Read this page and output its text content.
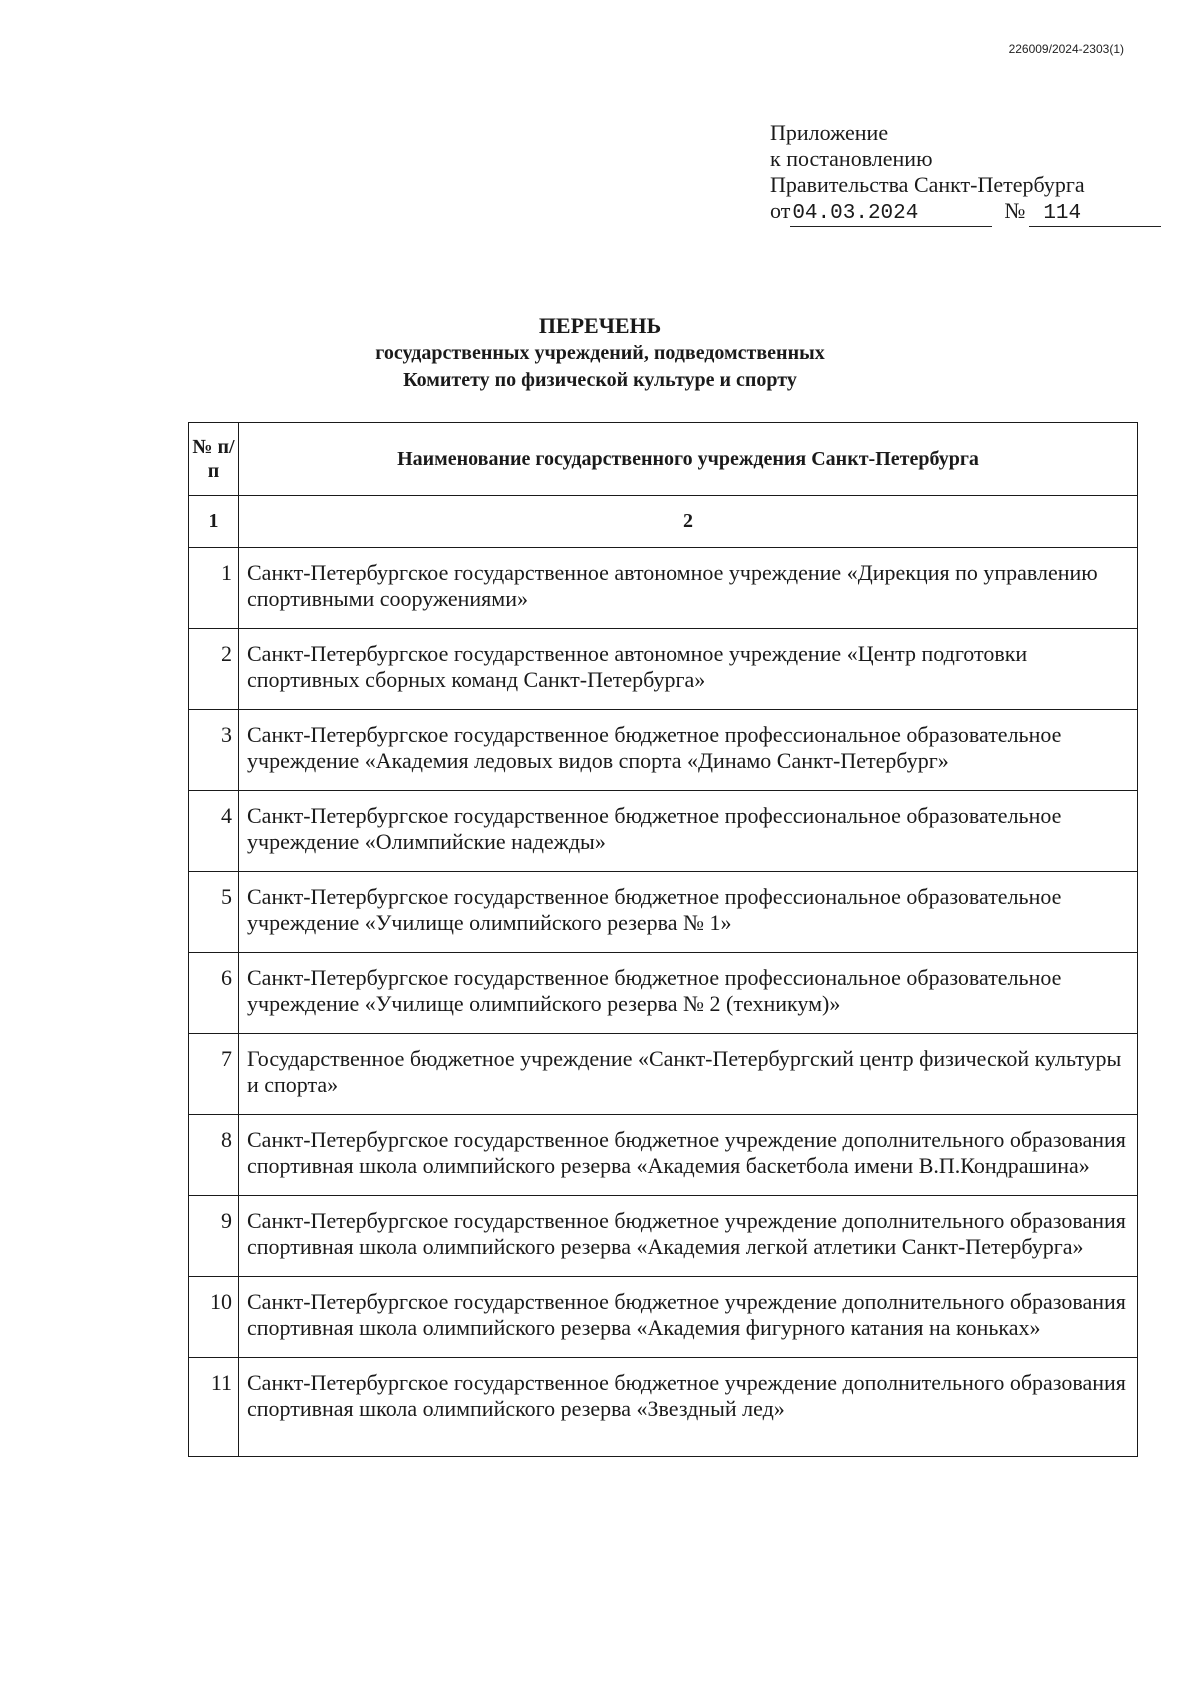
226009/2024-2303(1)
Приложение
к постановлению
Правительства Санкт-Петербурга
от04.03.2024	№ 114
ПЕРЕЧЕНЬ
государственных учреждений, подведомственных
Комитету по физической культуре и спорту
№ п/п	Наименование государственного учреждения Санкт-Петербурга
1	2
1	Санкт-Петербургское государственное автономное учреждение «Дирекция по управлению спортивными сооружениями»
2	Санкт-Петербургское государственное автономное учреждение «Центр подготовки спортивных сборных команд Санкт-Петербурга»
3	Санкт-Петербургское государственное бюджетное профессиональное образовательное учреждение «Академия ледовых видов спорта «Динамо Санкт-Петербург»
4	Санкт-Петербургское государственное бюджетное профессиональное образовательное учреждение «Олимпийские надежды»
5	Санкт-Петербургское государственное бюджетное профессиональное образовательное учреждение «Училище олимпийского резерва № 1»
6	Санкт-Петербургское государственное бюджетное профессиональное образовательное учреждение «Училище олимпийского резерва № 2 (техникум)»
7	Государственное бюджетное учреждение «Санкт-Петербургский центр физической культуры и спорта»
8	Санкт-Петербургское государственное бюджетное учреждение дополнительного образования спортивная школа олимпийского резерва «Академия баскетбола имени В.П.Кондрашина»
9	Санкт-Петербургское государственное бюджетное учреждение дополнительного образования спортивная школа олимпийского резерва «Академия легкой атлетики Санкт-Петербурга»
10	Санкт-Петербургское государственное бюджетное учреждение дополнительного образования спортивная школа олимпийского резерва «Академия фигурного катания на коньках»
11	Санкт-Петербургское государственное бюджетное учреждение дополнительного образования спортивная школа олимпийского резерва «Звездный лед»
